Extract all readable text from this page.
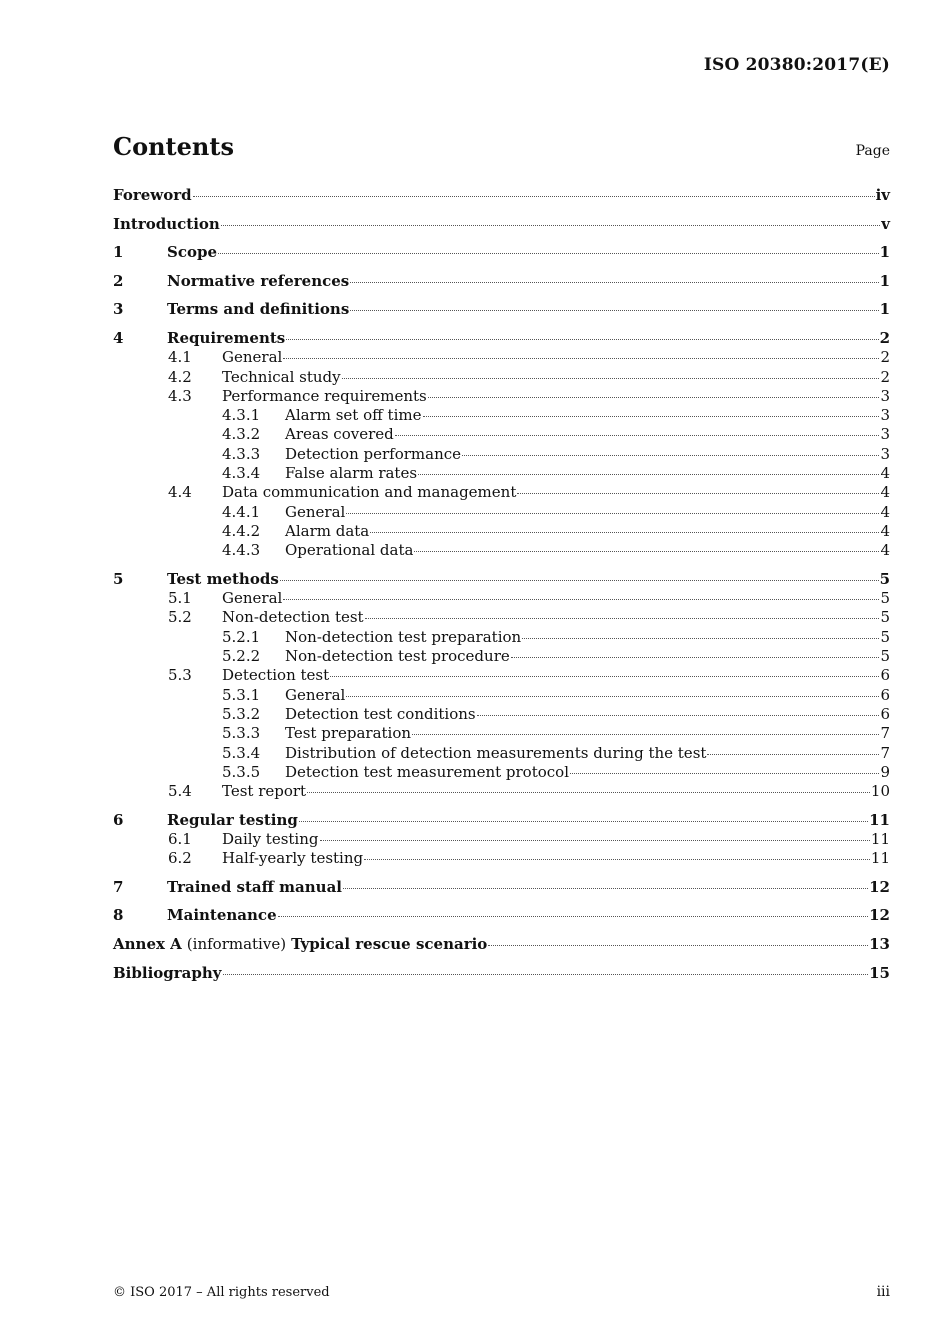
ISO 20380:2017(E)
Contents	Page
Foreword	iv
Introduction	v
1	Scope	1
2	Normative references	1
3	Terms and definitions	1
4	Requirements	2
4.1 General	2
4.2 Technical study	2
4.3 Performance requirements	3
4.3.1 Alarm set off time	3
4.3.2 Areas covered	3
4.3.3 Detection performance	3
4.3.4 False alarm rates	4
4.4 Data communication and management	4
4.4.1 General	4
4.4.2 Alarm data	4
4.4.3 Operational data	4
5	Test methods	5
5.1 General	5
5.2 Non-detection test	5
5.2.1 Non-detection test preparation	5
5.2.2 Non-detection test procedure	5
5.3 Detection test	6
5.3.1 General	6
5.3.2 Detection test conditions	6
5.3.3 Test preparation	7
5.3.4 Distribution of detection measurements during the test	7
5.3.5 Detection test measurement protocol	9
5.4 Test report	10
6	Regular testing	11
6.1 Daily testing	11
6.2 Half-yearly testing	11
7	Trained staff manual	12
8	Maintenance	12
Annex A (informative) Typical rescue scenario	13
Bibliography	15
© ISO 2017 – All rights reserved	iii
